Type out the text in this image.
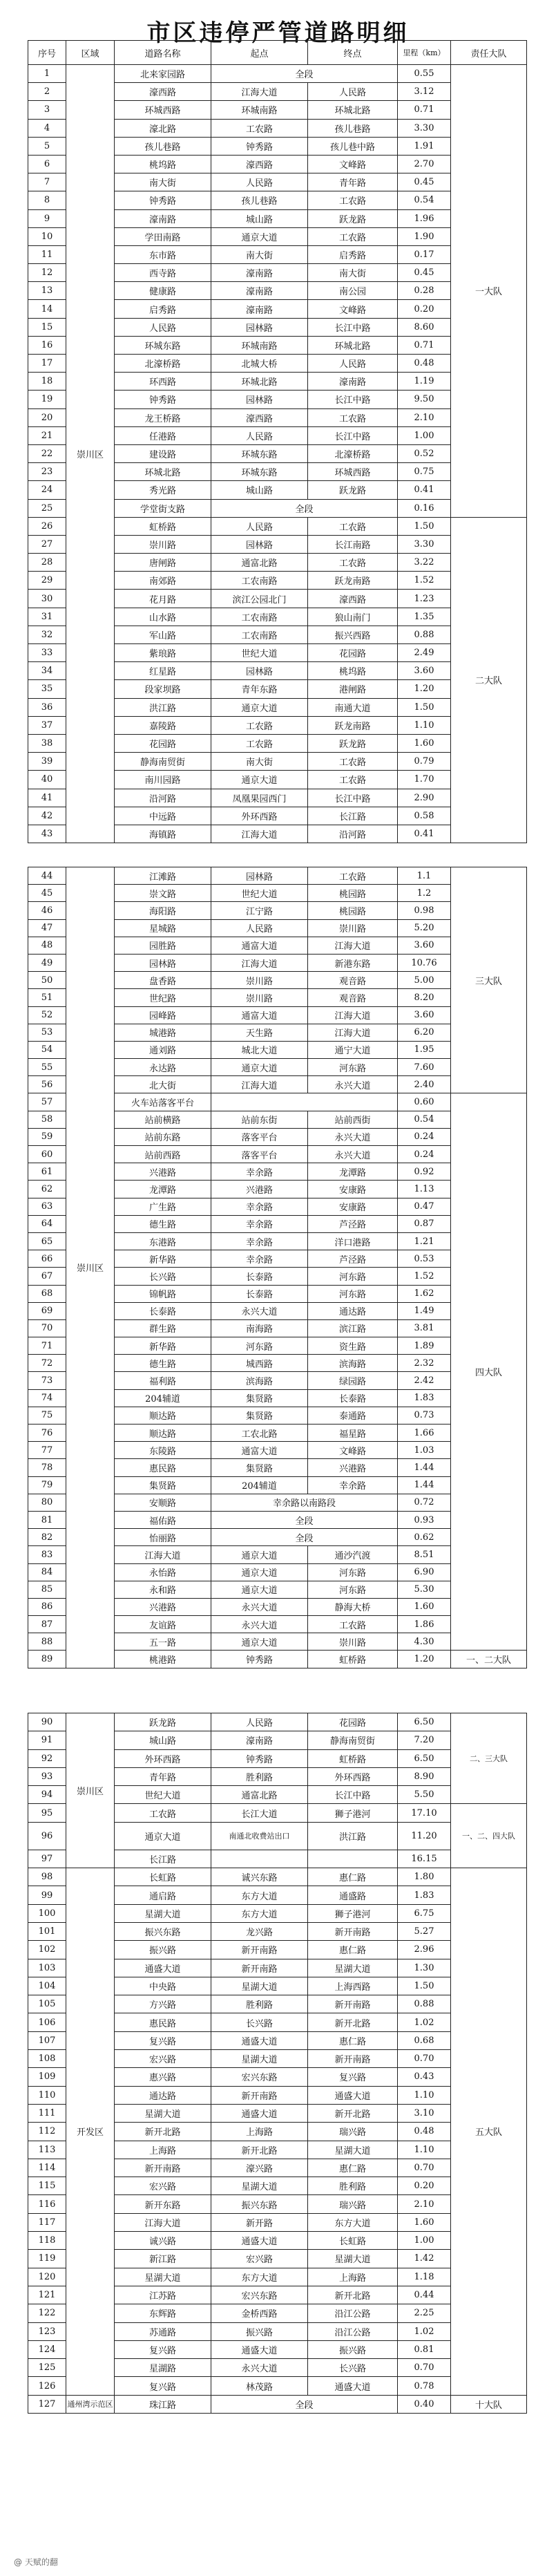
市区违停严管道路明细
序号	区域	道路名称	起点	终点	里程（km）	责任大队
1	崇川区	北来家园路	全段		0.55	一大队
2		濠西路	江海大道	人民路	3.12	
3		环城西路	环城南路	环城北路	0.71	
4		濠北路	工农路	孩儿巷路	3.30	
5		孩儿巷路	钟秀路	孩儿巷中路	1.91	
6		桃坞路	濠西路	文峰路	2.70	
7		南大街	人民路	青年路	0.45	
8		钟秀路	孩儿巷路	工农路	0.54	
9		濠南路	城山路	跃龙路	1.96	
10		学田南路	通京大道	工农路	1.90	
11		东市路	南大街	启秀路	0.17	
12		西寺路	濠南路	南大街	0.45	
13		健康路	濠南路	南公园	0.28	
14		启秀路	濠南路	文峰路	0.20	
15		人民路	园林路	长江中路	8.60	
16		环城东路	环城南路	环城北路	0.71	
17		北濠桥路	北城大桥	人民路	0.48	
18		环西路	环城北路	濠南路	1.19	
19		钟秀路	园林路	长江中路	9.50	
20		龙王桥路	濠西路	工农路	2.10	
21		任港路	人民路	长江中路	1.00	
22		建设路	环城东路	北濠桥路	0.52	
23		环城北路	环城东路	环城西路	0.75	
24		秀光路	城山路	跃龙路	0.41	
25		学堂街支路	全段		0.16	
26		虹桥路	人民路	工农路	1.50	二大队
27		崇川路	园林路	长江南路	3.30	
28		唐闸路	通富北路	工农路	3.22	
29		南郊路	工农南路	跃龙南路	1.52	
30		花月路	滨江公园北门	濠西路	1.23	
31		山水路	工农南路	狼山南门	1.35	
32		军山路	工农南路	振兴西路	0.88	
33		紫琅路	世纪大道	花园路	2.49	
34		红星路	园林路	桃坞路	3.60	
35		段家坝路	青年东路	港闸路	1.20	
36		洪江路	通京大道	南通大道	1.50	
37		嘉陵路	工农路	跃龙南路	1.10	
38		花园路	工农路	跃龙路	1.60	
39		静海南贸街	南大街	工农路	0.79	
40		南川园路	通京大道	工农路	1.70	
41		沿河路	凤凰果园西门	长江中路	2.90	
42		中远路	外环西路	长江路	0.58	
43		海镇路	江海大道	沿河路	0.41	
44	崇川区	江滩路	园林路	工农路	1.1	三大队
45		崇文路	世纪大道	桃园路	1.2	
46		海阳路	江宁路	桃园路	0.98	
47		星城路	人民路	崇川路	5.20	
48		园胜路	通富大道	江海大道	3.60	
49		园林路	江海大道	新港东路	10.76	
50		盘香路	崇川路	观音路	5.00	
51		世纪路	崇川路	观音路	8.20	
52		园峰路	通富大道	江海大道	3.60	
53		城港路	天生路	江海大道	6.20	
54		通刘路	城北大道	通宁大道	1.95	
55		永达路	通京大道	河东路	7.60	
56		北大街	江海大道	永兴大道	2.40	
57		火车站落客平台			0.60	四大队
58		站前横路	站前东街	站前西街	0.54	
59		站前东路	落客平台	永兴大道	0.24	
60		站前西路	落客平台	永兴大道	0.24	
61		兴港路	幸余路	龙潭路	0.92	
62		龙潭路	兴港路	安康路	1.13	
63		广生路	幸余路	安康路	0.47	
64		德生路	幸余路	芦泾路	0.87	
65		东港路	幸余路	洋口港路	1.21	
66		新华路	幸余路	芦泾路	0.53	
67		长兴路	长泰路	河东路	1.52	
68		锦帆路	长泰路	河东路	1.62	
69		长泰路	永兴大道	通达路	1.49	
70		群生路	南海路	滨江路	3.81	
71		新华路	河东路	资生路	1.89	
72		德生路	城西路	滨海路	2.32	
73		福利路	滨海路	绿园路	2.42	
74		204辅道	集贤路	长泰路	1.83	
75		顺达路	集贤路	泰通路	0.73	
76		顺达路	工农北路	福星路	1.66	
77		东陵路	通富大道	文峰路	1.03	
78		惠民路	集贤路	兴港路	1.44	
79		集贤路	204辅道	幸余路	1.44	
80		安顺路	幸余路以南路段		0.72	
81		福佑路	全段		0.93	
82		怡丽路	全段		0.62	
83		江海大道	通京大道	通沙汽渡	8.51	
84		永怡路	通京大道	河东路	6.90	
85		永和路	通京大道	河东路	5.30	
86		兴港路	永兴大道	静海大桥	1.60	
87		友谊路	永兴大道	工农路	1.86	
88		五一路	通京大道	崇川路	4.30	
89		桃港路	钟秀路	虹桥路	1.20	一、二大队
90	崇川区	跃龙路	人民路	花园路	6.50	二、三大队
91		城山路	濠南路	静海南贸街	7.20	
92		外环西路	钟秀路	虹桥路	6.50	
93		青年路	胜利路	外环西路	8.90	
94		世纪大道	通富北路	长江中路	5.50	
95		工农路	长江大道	狮子港河	17.10	一、二、四大队
96		通京大道	南通北收费站出口	洪江路	11.20	
97		长江路			16.15	
98	开发区	长虹路	诚兴东路	惠仁路	1.80	五大队
99		通启路	东方大道	通盛路	1.83	
100		星湖大道	东方大道	狮子港河	6.75	
101		振兴东路	龙兴路	新开南路	5.27	
102		振兴路	新开南路	惠仁路	2.96	
103		通盛大道	新开南路	星湖大道	1.30	
104		中央路	星湖大道	上海西路	1.50	
105		方兴路	胜利路	新开南路	0.88	
106		惠民路	长兴路	新开北路	1.02	
107		复兴路	通盛大道	惠仁路	0.68	
108		宏兴路	星湖大道	新开南路	0.70	
109		惠兴路	宏兴东路	复兴路	0.43	
110		通达路	新开南路	通盛大道	1.10	
111		星湖大道	通盛大道	新开北路	3.10	
112		新开北路	上海路	瑞兴路	0.48	
113		上海路	新开北路	星湖大道	1.10	
114		新开南路	濠兴路	惠仁路	0.70	
115		宏兴路	星湖大道	胜利路	0.20	
116		新开东路	振兴东路	瑞兴路	2.10	
117		江海大道	新开路	东方大道	1.60	
118		诚兴路	通盛大道	长虹路	1.00	
119		新江路	宏兴路	星湖大道	1.42	
120		星湖大道	东方大道	上海路	1.18	
121		江苏路	宏兴东路	新开北路	0.44	
122		东辉路	金桥西路	沿江公路	2.25	
123		苏通路	振兴路	沿江公路	1.02	
124		复兴路	通盛大道	振兴路	0.81	
125		星湖路	永兴大道	长兴路	0.70	
126		复兴路	林茂路	通盛大道	0.78	
127	通州湾示范区	珠江路	全段		0.40	十大队
@ 天赋的翻
